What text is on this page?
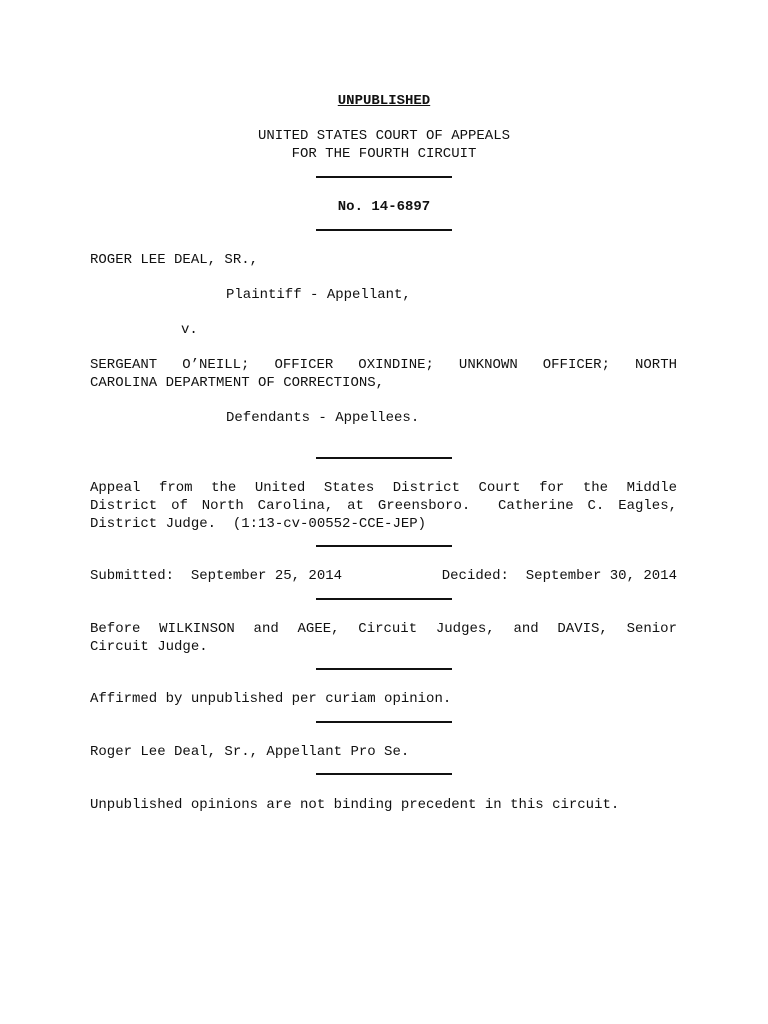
UNPUBLISHED
UNITED STATES COURT OF APPEALS
FOR THE FOURTH CIRCUIT
No. 14-6897
ROGER LEE DEAL, SR.,
Plaintiff - Appellant,
v.
SERGEANT O’NEILL; OFFICER OXINDINE; UNKNOWN OFFICER; NORTH
CAROLINA DEPARTMENT OF CORRECTIONS,
Defendants - Appellees.
Appeal from the United States District Court for the Middle
District of North Carolina, at Greensboro.  Catherine C. Eagles,
District Judge.  (1:13-cv-00552-CCE-JEP)
Submitted:  September 25, 2014	Decided:  September 30, 2014
Before WILKINSON and AGEE, Circuit Judges, and DAVIS, Senior
Circuit Judge.
Affirmed by unpublished per curiam opinion.
Roger Lee Deal, Sr., Appellant Pro Se.
Unpublished opinions are not binding precedent in this circuit.
